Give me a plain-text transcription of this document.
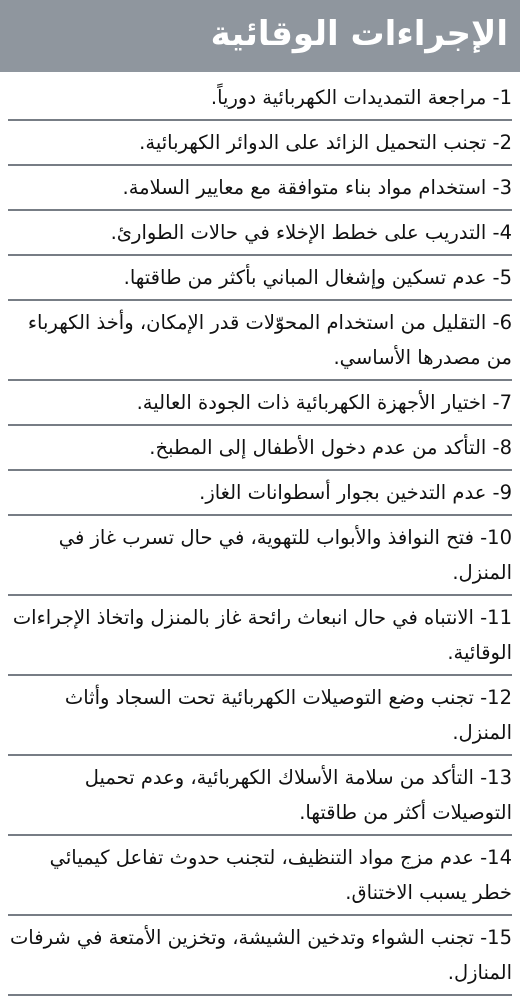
الإجراءات الوقائية
1- مراجعة التمديدات الكهربائية دورياً.
2- تجنب التحميل الزائد على الدوائر الكهربائية.
3- استخدام مواد بناء متوافقة مع معايير السلامة.
4- التدريب على خطط الإخلاء في حالات الطوارئ.
5- عدم تسكين وإشغال المباني بأكثر من طاقتها.
6- التقليل من استخدام المحوّلات قدر الإمكان، وأخذ الكهرباء من مصدرها الأساسي.
7- اختيار الأجهزة الكهربائية ذات الجودة العالية.
8- التأكد من عدم دخول الأطفال إلى المطبخ.
9- عدم التدخين بجوار أسطوانات الغاز.
10- فتح النوافذ والأبواب للتهوية، في حال تسرب غاز في المنزل.
11- الانتباه في حال انبعاث رائحة غاز بالمنزل واتخاذ الإجراءات الوقائية.
12- تجنب وضع التوصيلات الكهربائية تحت السجاد وأثاث المنزل.
13- التأكد من سلامة الأسلاك الكهربائية، وعدم تحميل التوصيلات أكثر من طاقتها.
14- عدم مزج مواد التنظيف، لتجنب حدوث تفاعل كيميائي خطر يسبب الاختناق.
15- تجنب الشواء وتدخين الشيشة، وتخزين الأمتعة في شرفات المنازل.
